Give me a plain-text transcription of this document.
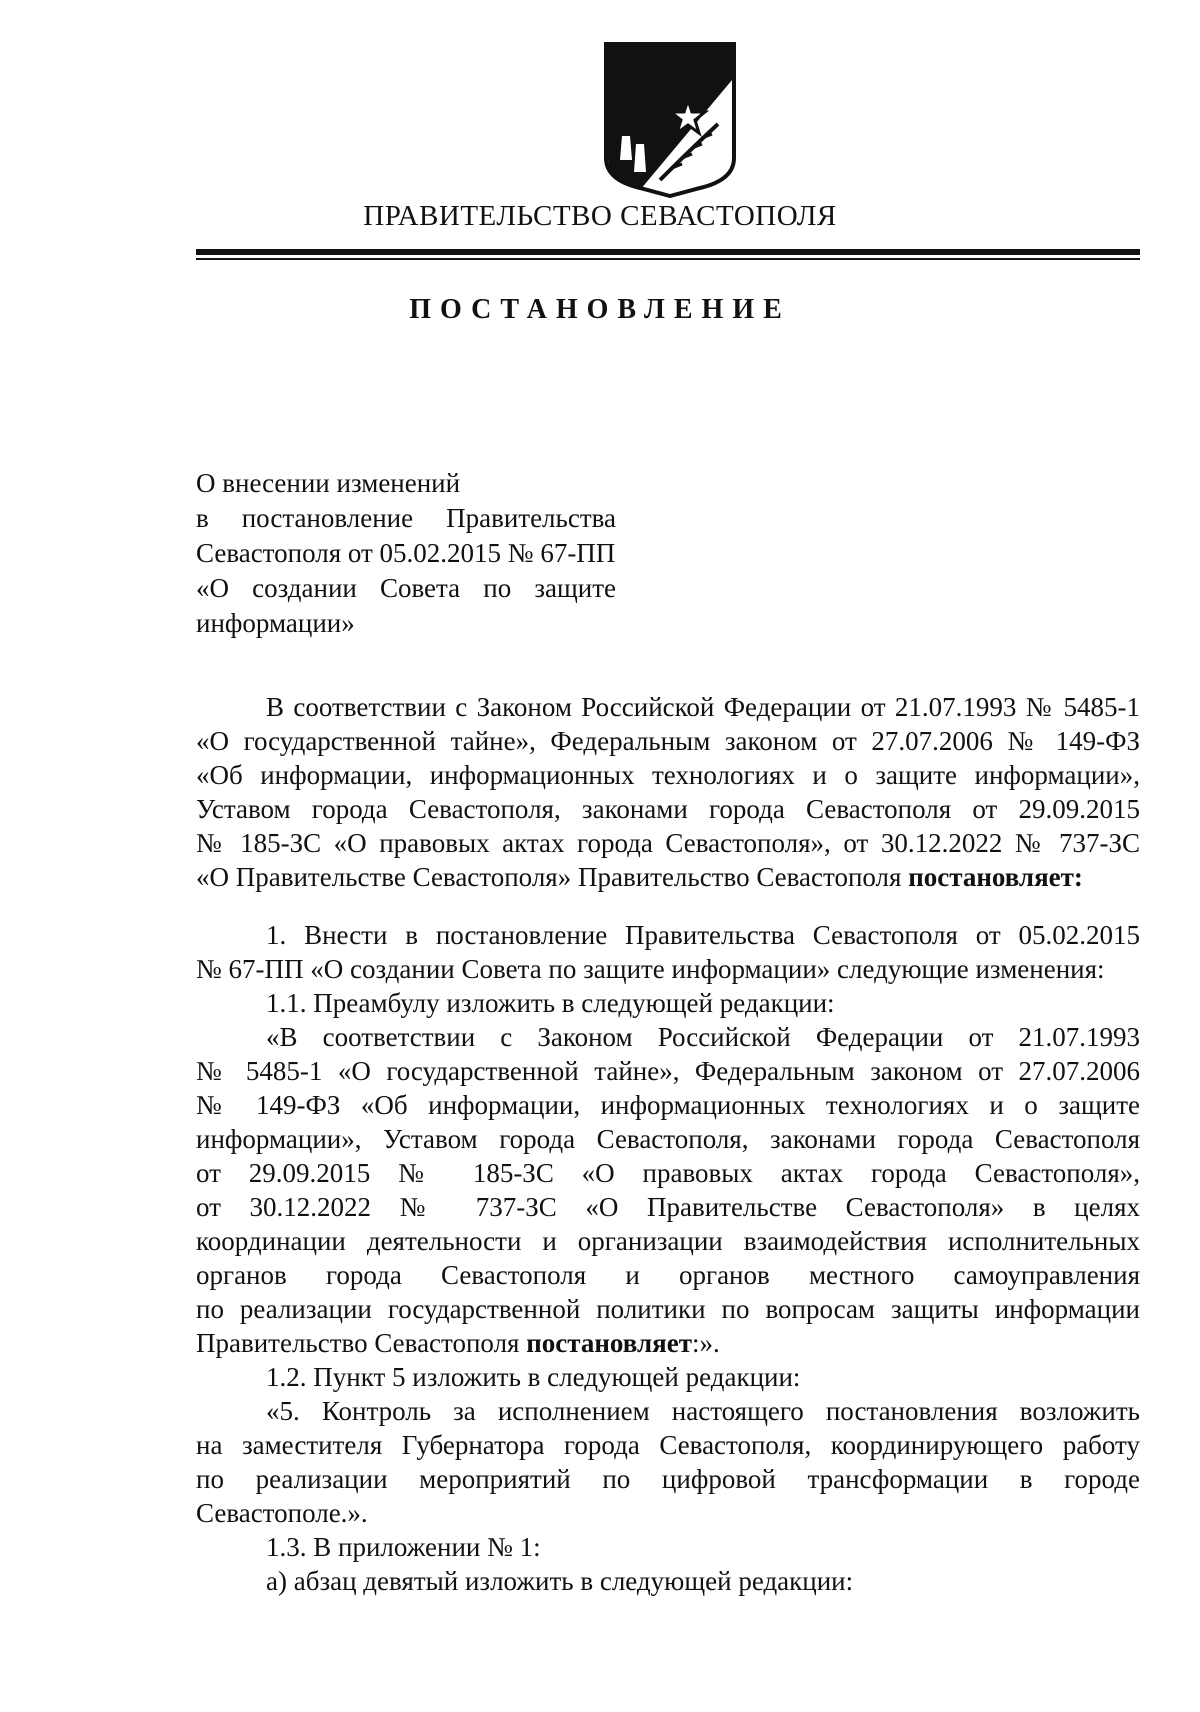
ПРАВИТЕЛЬСТВО СЕВАСТОПОЛЯ
ПОСТАНОВЛЕНИЕ
О внесении изменений
в постановление Правительства
Севастополя от 05.02.2015 № 67-ПП
«О создании Совета по защите
информации»
В соответствии с Законом Российской Федерации от 21.07.1993 № 5485-1
«О государственной тайне», Федеральным законом от 27.07.2006 № 149-ФЗ
«Об информации, информационных технологиях и о защите информации»,
Уставом города Севастополя, законами города Севастополя от 29.09.2015
№ 185-ЗС «О правовых актах города Севастополя», от 30.12.2022 № 737-ЗС
«О Правительстве Севастополя» Правительство Севастополя постановляет:
1. Внести в постановление Правительства Севастополя от 05.02.2015
№ 67-ПП «О создании Совета по защите информации» следующие изменения:
1.1. Преамбулу изложить в следующей редакции:
«В соответствии с Законом Российской Федерации от 21.07.1993
№ 5485-1 «О государственной тайне», Федеральным законом от 27.07.2006
№ 149-ФЗ «Об информации, информационных технологиях и о защите
информации», Уставом города Севастополя, законами города Севастополя
от 29.09.2015 № 185-ЗС «О правовых актах города Севастополя»,
от 30.12.2022 № 737-ЗС «О Правительстве Севастополя» в целях
координации деятельности и организации взаимодействия исполнительных
органов города Севастополя и органов местного самоуправления
по реализации государственной политики по вопросам защиты информации
Правительство Севастополя постановляет:».
1.2. Пункт 5 изложить в следующей редакции:
«5. Контроль за исполнением настоящего постановления возложить
на заместителя Губернатора города Севастополя, координирующего работу
по реализации мероприятий по цифровой трансформации в городе
Севастополе.».
1.3. В приложении № 1:
а) абзац девятый изложить в следующей редакции:
